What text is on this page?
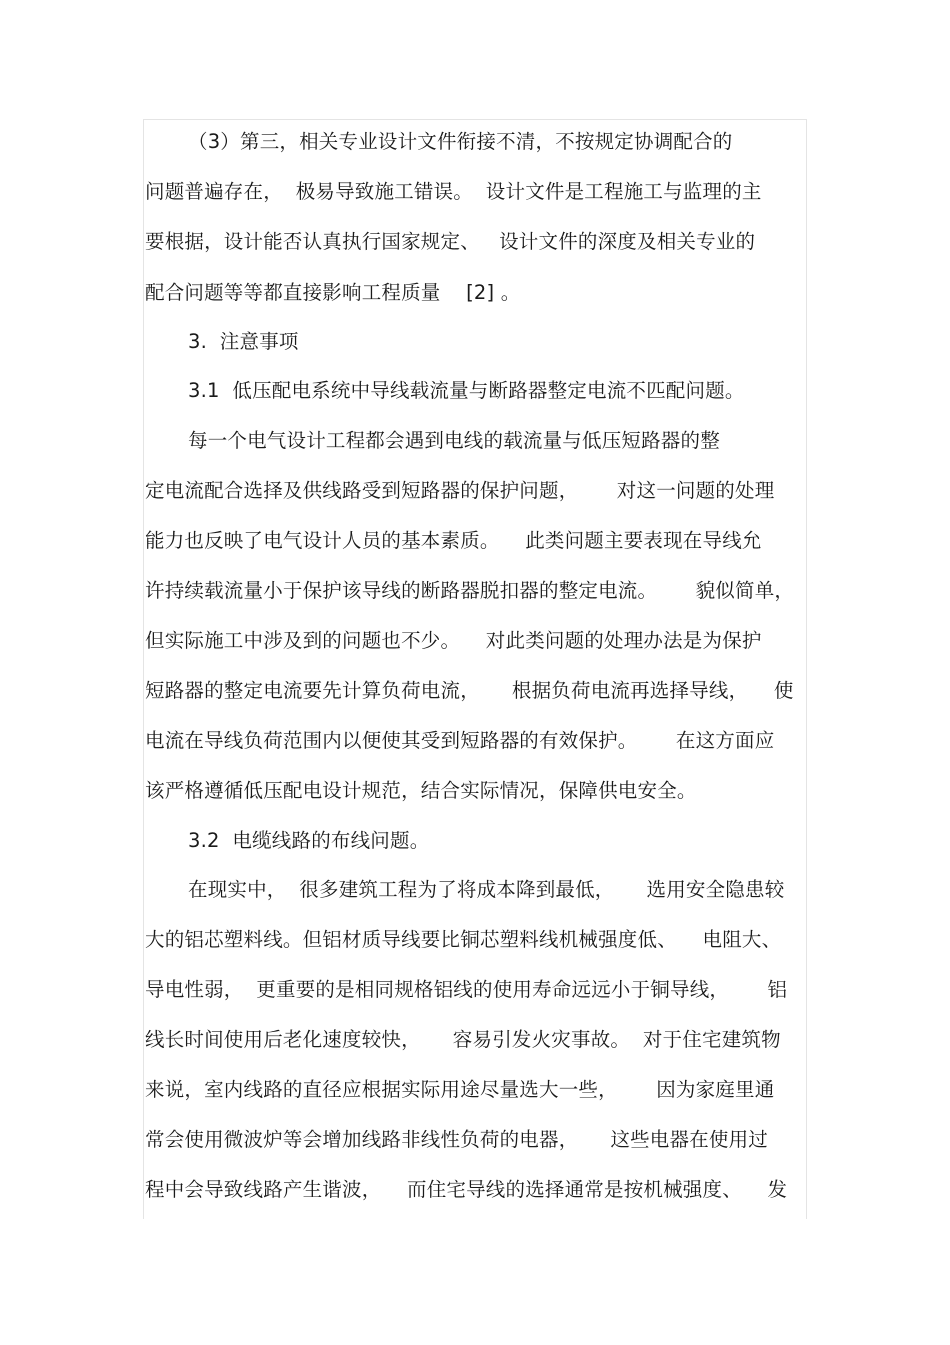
（3）第三，相关专业设计文件衔接不清，不按规定协调配合的
问题普遍存在，  极易导致施工错误。  设计文件是工程施工与监理的主
要根据，设计能否认真执行国家规定、   设计文件的深度及相关专业的
配合问题等等都直接影响工程质量    [2] 。
3.  注意事项
3.1  低压配电系统中导线载流量与断路器整定电流不匹配问题。
每一个电气设计工程都会遇到电线的载流量与低压短路器的整
定电流配合选择及供线路受到短路器的保护问题，      对这一问题的处理
能力也反映了电气设计人员的基本素质。    此类问题主要表现在导线允
许持续载流量小于保护该导线的断路器脱扣器的整定电流。      貌似简单，
但实际施工中涉及到的问题也不少。    对此类问题的处理办法是为保护
短路器的整定电流要先计算负荷电流，     根据负荷电流再选择导线，    使
电流在导线负荷范围内以便使其受到短路器的有效保护。      在这方面应
该严格遵循低压配电设计规范，结合实际情况，保障供电安全。
3.2  电缆线路的布线问题。
在现实中，  很多建筑工程为了将成本降到最低，     选用安全隐患较
大的铝芯塑料线。但铝材质导线要比铜芯塑料线机械强度低、    电阻大、
导电性弱，  更重要的是相同规格铝线的使用寿命远远小于铜导线，      铝
线长时间使用后老化速度较快，     容易引发火灾事故。  对于住宅建筑物
来说，室内线路的直径应根据实际用途尽量选大一些，      因为家庭里通
常会使用微波炉等会增加线路非线性负荷的电器，     这些电器在使用过
程中会导致线路产生谐波，    而住宅导线的选择通常是按机械强度、    发
